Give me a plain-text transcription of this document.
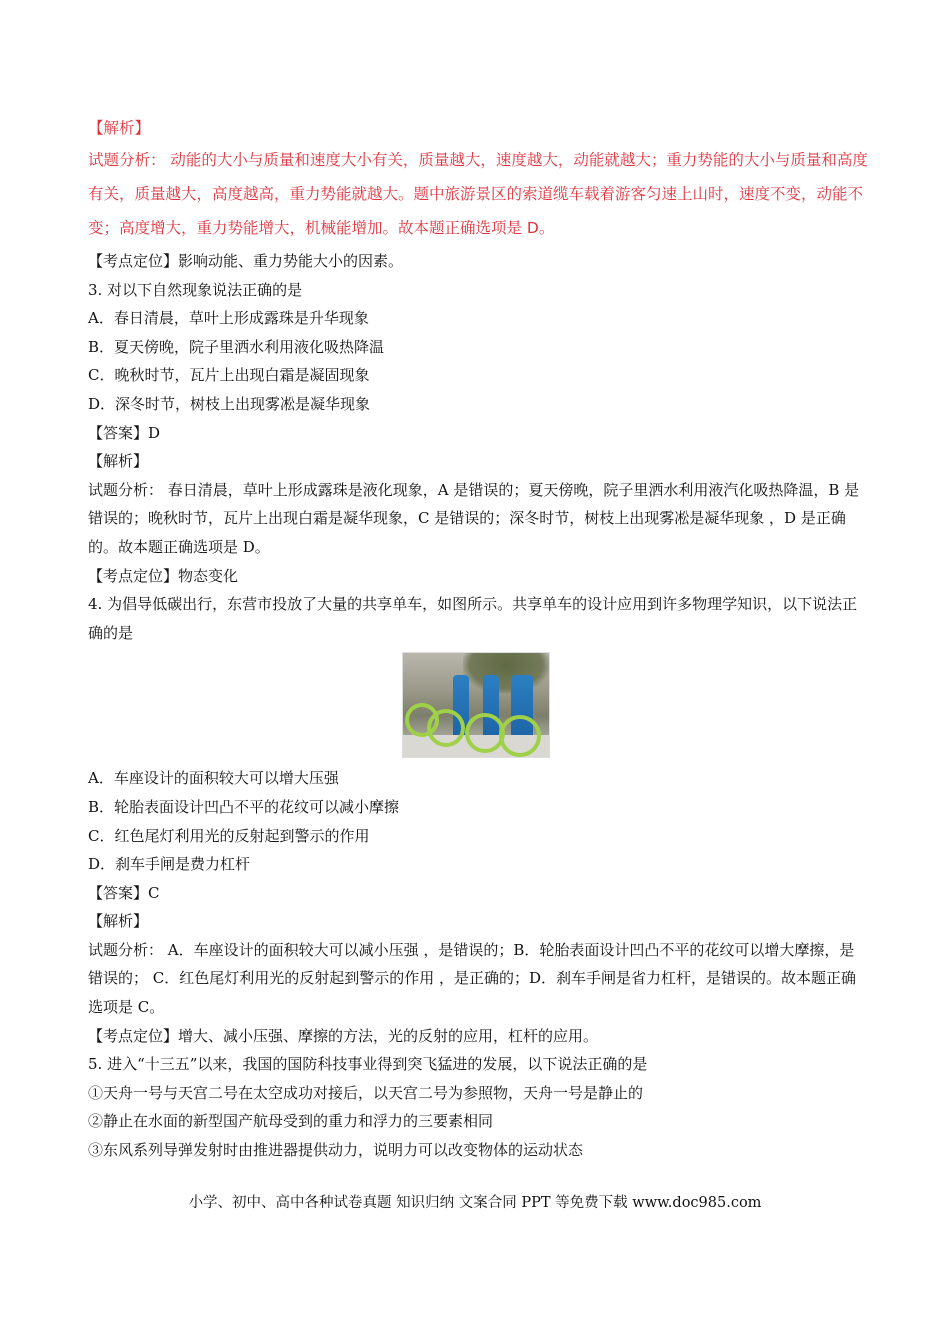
【解析】
试题分析： 动能的大小与质量和速度大小有关，质量越大，速度越大，动能就越大；重力势能的大小与质量和高度有关，质量越大，高度越高，重力势能就越大。题中旅游景区的索道缆车载着游客匀速上山时，速度不变，动能不变；高度增大，重力势能增大，机械能增加。故本题正确选项是 D。
【考点定位】影响动能、重力势能大小的因素。
3. 对以下自然现象说法正确的是
A．春日清晨，草叶上形成露珠是升华现象
B．夏天傍晚，院子里洒水利用液化吸热降温
C．晚秋时节，瓦片上出现白霜是凝固现象
D．深冬时节，树枝上出现雾凇是凝华现象
【答案】D
【解析】
试题分析： 春日清晨，草叶上形成露珠是液化现象，A 是错误的；夏天傍晚，院子里洒水利用液汽化吸热降温，B 是错误的；晚秋时节，瓦片上出现白霜是凝华现象，C 是错误的；深冬时节，树枝上出现雾凇是凝华现象 ，D 是正确的。故本题正确选项是 D。
【考点定位】物态变化
4. 为倡导低碳出行，东营市投放了大量的共享单车，如图所示。共享单车的设计应用到许多物理学知识，以下说法正确的是
A．车座设计的面积较大可以增大压强
B．轮胎表面设计凹凸不平的花纹可以减小摩擦
C．红色尾灯利用光的反射起到警示的作用
D．刹车手闸是费力杠杆
【答案】C
【解析】
试题分析： A．车座设计的面积较大可以减小压强 ，是错误的；B．轮胎表面设计凹凸不平的花纹可以增大摩擦，是错误的； C．红色尾灯利用光的反射起到警示的作用 ，是正确的；D．刹车手闸是省力杠杆，是错误的。故本题正确选项是 C。
【考点定位】增大、减小压强、摩擦的方法，光的反射的应用，杠杆的应用。
5. 进入“十三五”以来，我国的国防科技事业得到突飞猛进的发展，以下说法正确的是
①天舟一号与天宫二号在太空成功对接后，以天宫二号为参照物，天舟一号是静止的
②静止在水面的新型国产航母受到的重力和浮力的三要素相同
③东风系列导弹发射时由推进器提供动力，说明力可以改变物体的运动状态
小学、初中、高中各种试卷真题 知识归纳 文案合同 PPT 等免费下载 www.doc985.com
